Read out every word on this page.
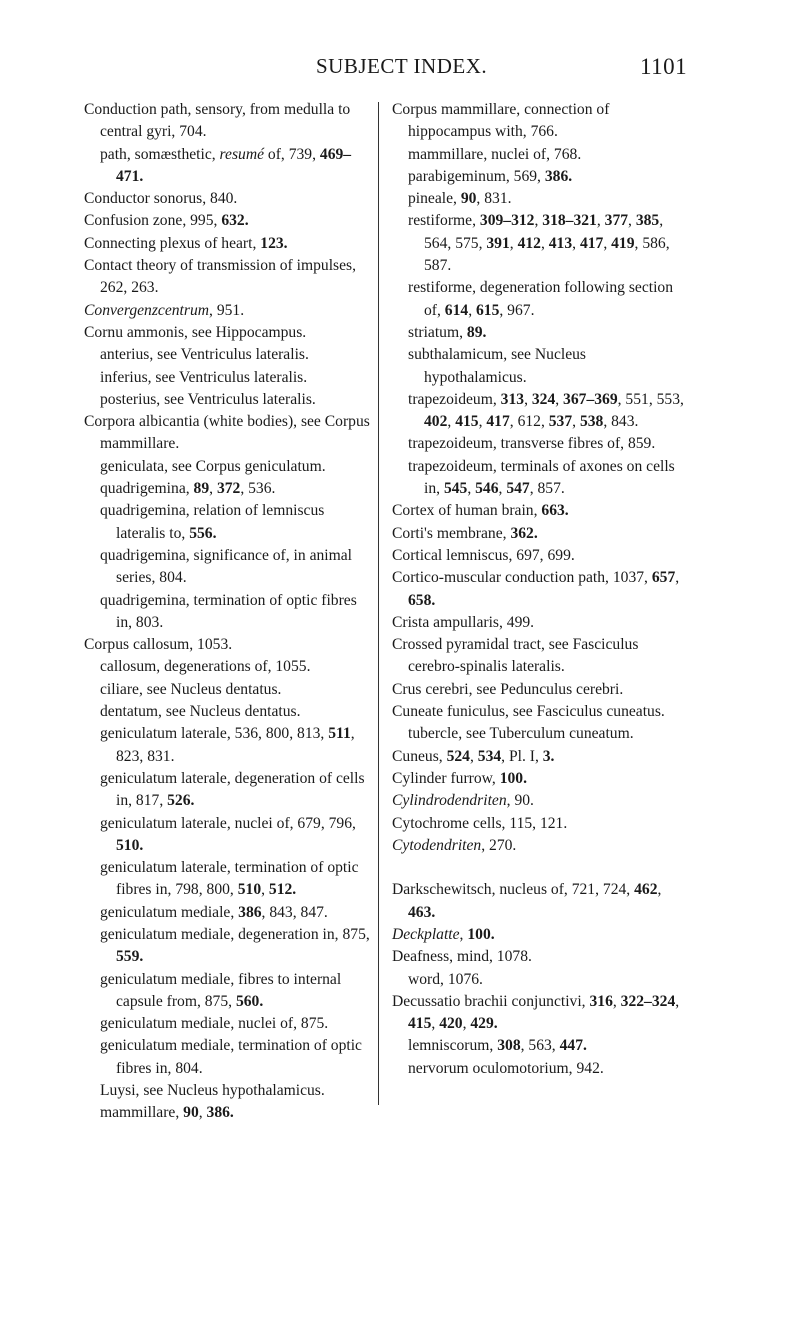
SUBJECT INDEX.	1101
Conduction path, sensory, from medulla to central gyri, 704.
path, somæsthetic, resumé of, 739, 469–471.
Conductor sonorus, 840.
Confusion zone, 995, 632.
Connecting plexus of heart, 123.
Contact theory of transmission of impulses, 262, 263.
Convergenzcentrum, 951.
Cornu ammonis, see Hippocampus.
anterius, see Ventriculus lateralis.
inferius, see Ventriculus lateralis.
posterius, see Ventriculus lateralis.
Corpora albicantia (white bodies), see Corpus mammillare.
geniculata, see Corpus geniculatum.
quadrigemina, 89, 372, 536.
quadrigemina, relation of lemniscus lateralis to, 556.
quadrigemina, significance of, in animal series, 804.
quadrigemina, termination of optic fibres in, 803.
Corpus callosum, 1053.
callosum, degenerations of, 1055.
ciliare, see Nucleus dentatus.
dentatum, see Nucleus dentatus.
geniculatum laterale, 536, 800, 813, 511, 823, 831.
geniculatum laterale, degeneration of cells in, 817, 526.
geniculatum laterale, nuclei of, 679, 796, 510.
geniculatum laterale, termination of optic fibres in, 798, 800, 510, 512.
geniculatum mediale, 386, 843, 847.
geniculatum mediale, degeneration in, 875, 559.
geniculatum mediale, fibres to internal capsule from, 875, 560.
geniculatum mediale, nuclei of, 875.
geniculatum mediale, termination of optic fibres in, 804.
Luysi, see Nucleus hypothalamicus.
mammillare, 90, 386.
Corpus mammillare, connection of hippocampus with, 766.
mammillare, nuclei of, 768.
parabigeminum, 569, 386.
pineale, 90, 831.
restiforme, 309–312, 318–321, 377, 385, 564, 575, 391, 412, 413, 417, 419, 586, 587.
restiforme, degeneration following section of, 614, 615, 967.
striatum, 89.
subthalamicum, see Nucleus hypothalamicus.
trapezoideum, 313, 324, 367–369, 551, 553, 402, 415, 417, 612, 537, 538, 843.
trapezoideum, transverse fibres of, 859.
trapezoideum, terminals of axones on cells in, 545, 546, 547, 857.
Cortex of human brain, 663.
Corti's membrane, 362.
Cortical lemniscus, 697, 699.
Cortico-muscular conduction path, 1037, 657, 658.
Crista ampullaris, 499.
Crossed pyramidal tract, see Fasciculus cerebro-spinalis lateralis.
Crus cerebri, see Pedunculus cerebri.
Cuneate funiculus, see Fasciculus cuneatus.
tubercle, see Tuberculum cuneatum.
Cuneus, 524, 534, Pl. I, 3.
Cylinder furrow, 100.
Cylindrodendriten, 90.
Cytochrome cells, 115, 121.
Cytodendriten, 270.
Darkschewitsch, nucleus of, 721, 724, 462, 463.
Deckplatte, 100.
Deafness, mind, 1078.
word, 1076.
Decussatio brachii conjunctivi, 316, 322–324, 415, 420, 429.
lemniscorum, 308, 563, 447.
nervorum oculomotorium, 942.
